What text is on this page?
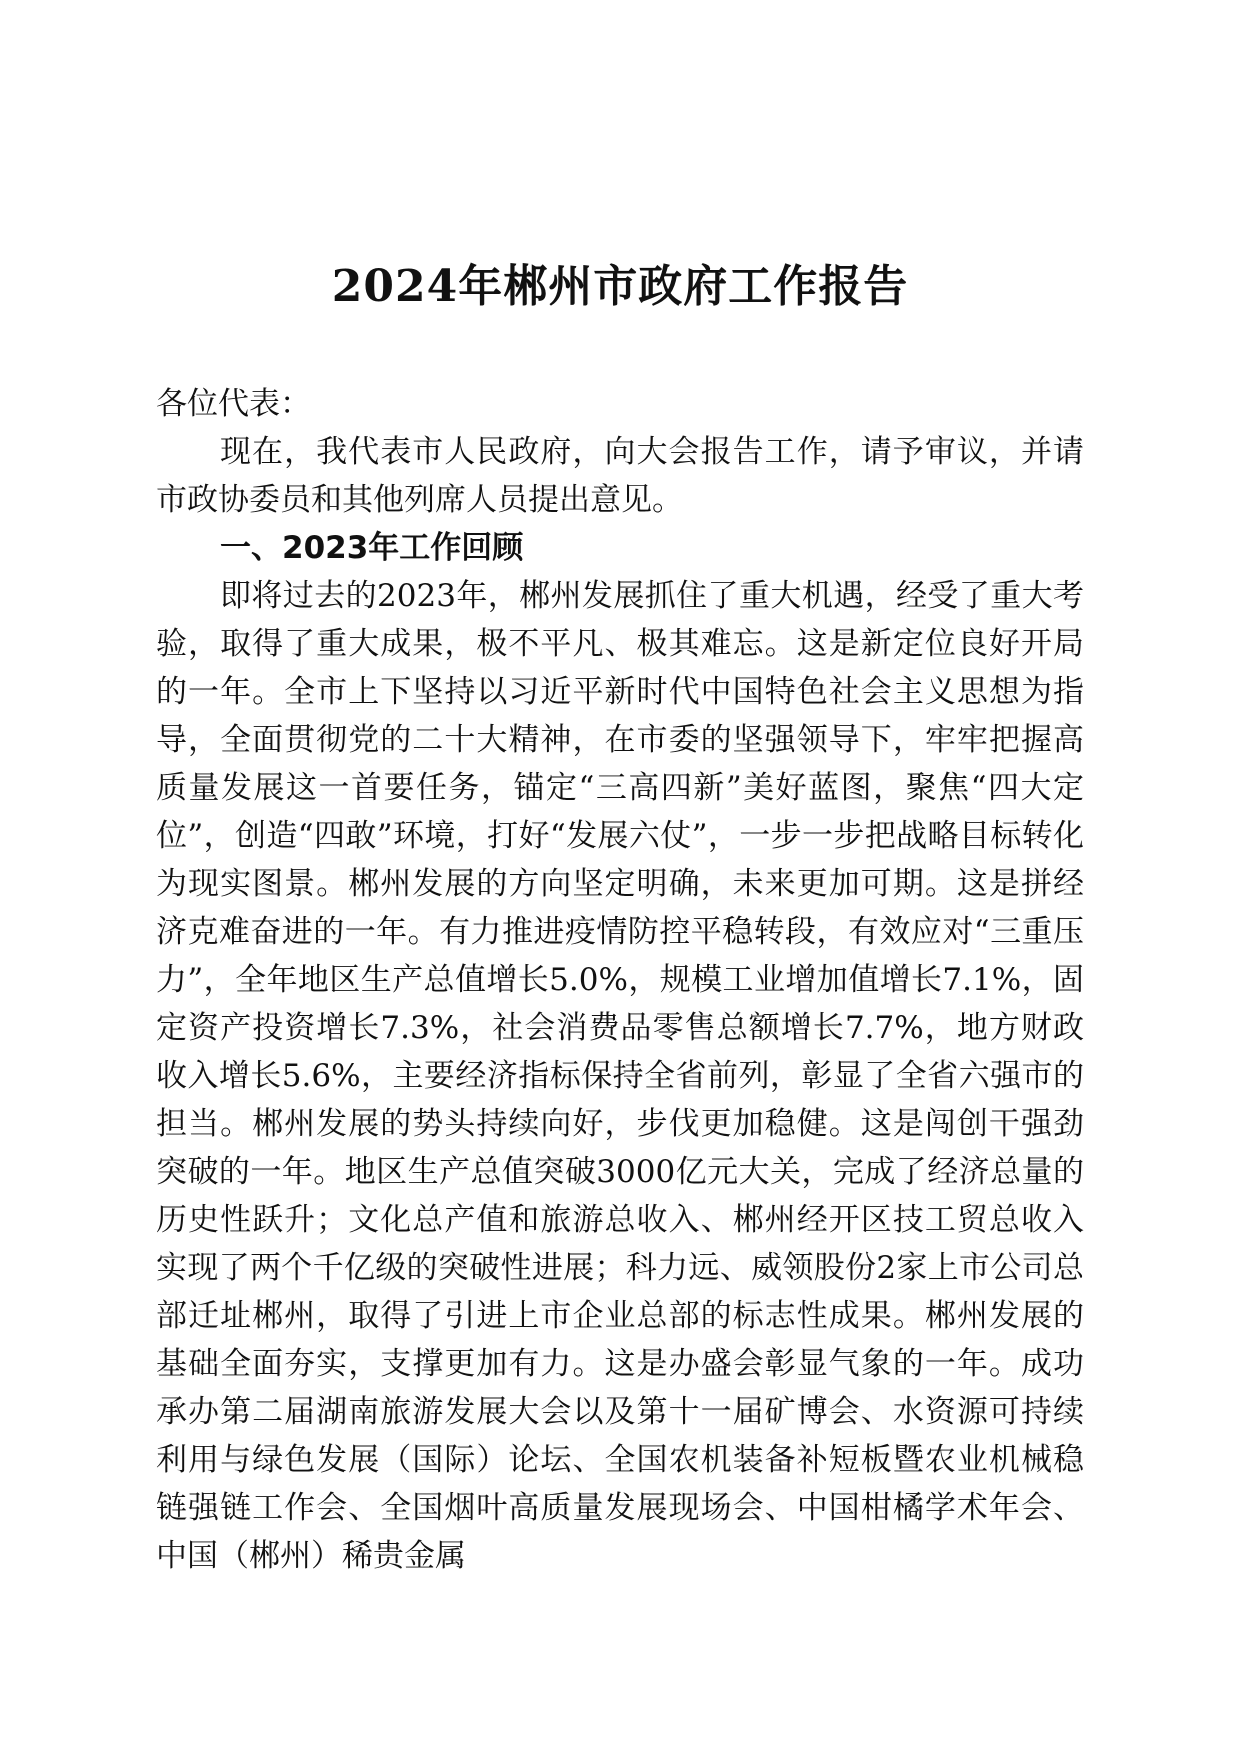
2024年郴州市政府工作报告

各位代表：

现在，我代表市人民政府，向大会报告工作，请予审议，并请市政协委员和其他列席人员提出意见。

一、2023年工作回顾

即将过去的2023年，郴州发展抓住了重大机遇，经受了重大考验，取得了重大成果，极不平凡、极其难忘。这是新定位良好开局的一年。全市上下坚持以习近平新时代中国特色社会主义思想为指导，全面贯彻党的二十大精神，在市委的坚强领导下，牢牢把握高质量发展这一首要任务，锚定“三高四新”美好蓝图，聚焦“四大定位”，创造“四敢”环境，打好“发展六仗”，一步一步把战略目标转化为现实图景。郴州发展的方向坚定明确，未来更加可期。这是拼经济克难奋进的一年。有力推进疫情防控平稳转段，有效应对“三重压力”，全年地区生产总值增长5.0%，规模工业增加值增长7.1%，固定资产投资增长7.3%，社会消费品零售总额增长7.7%，地方财政收入增长5.6%，主要经济指标保持全省前列，彰显了全省六强市的担当。郴州发展的势头持续向好，步伐更加稳健。这是闯创干强劲突破的一年。地区生产总值突破3000亿元大关，完成了经济总量的历史性跃升；文化总产值和旅游总收入、郴州经开区技工贸总收入实现了两个千亿级的突破性进展；科力远、威领股份2家上市公司总部迁址郴州，取得了引进上市企业总部的标志性成果。郴州发展的基础全面夯实，支撑更加有力。这是办盛会彰显气象的一年。成功承办第二届湖南旅游发展大会以及第十一届矿博会、水资源可持续利用与绿色发展（国际）论坛、全国农机装备补短板暨农业机械稳链强链工作会、全国烟叶高质量发展现场会、中国柑橘学术年会、中国（郴州）稀贵金属
